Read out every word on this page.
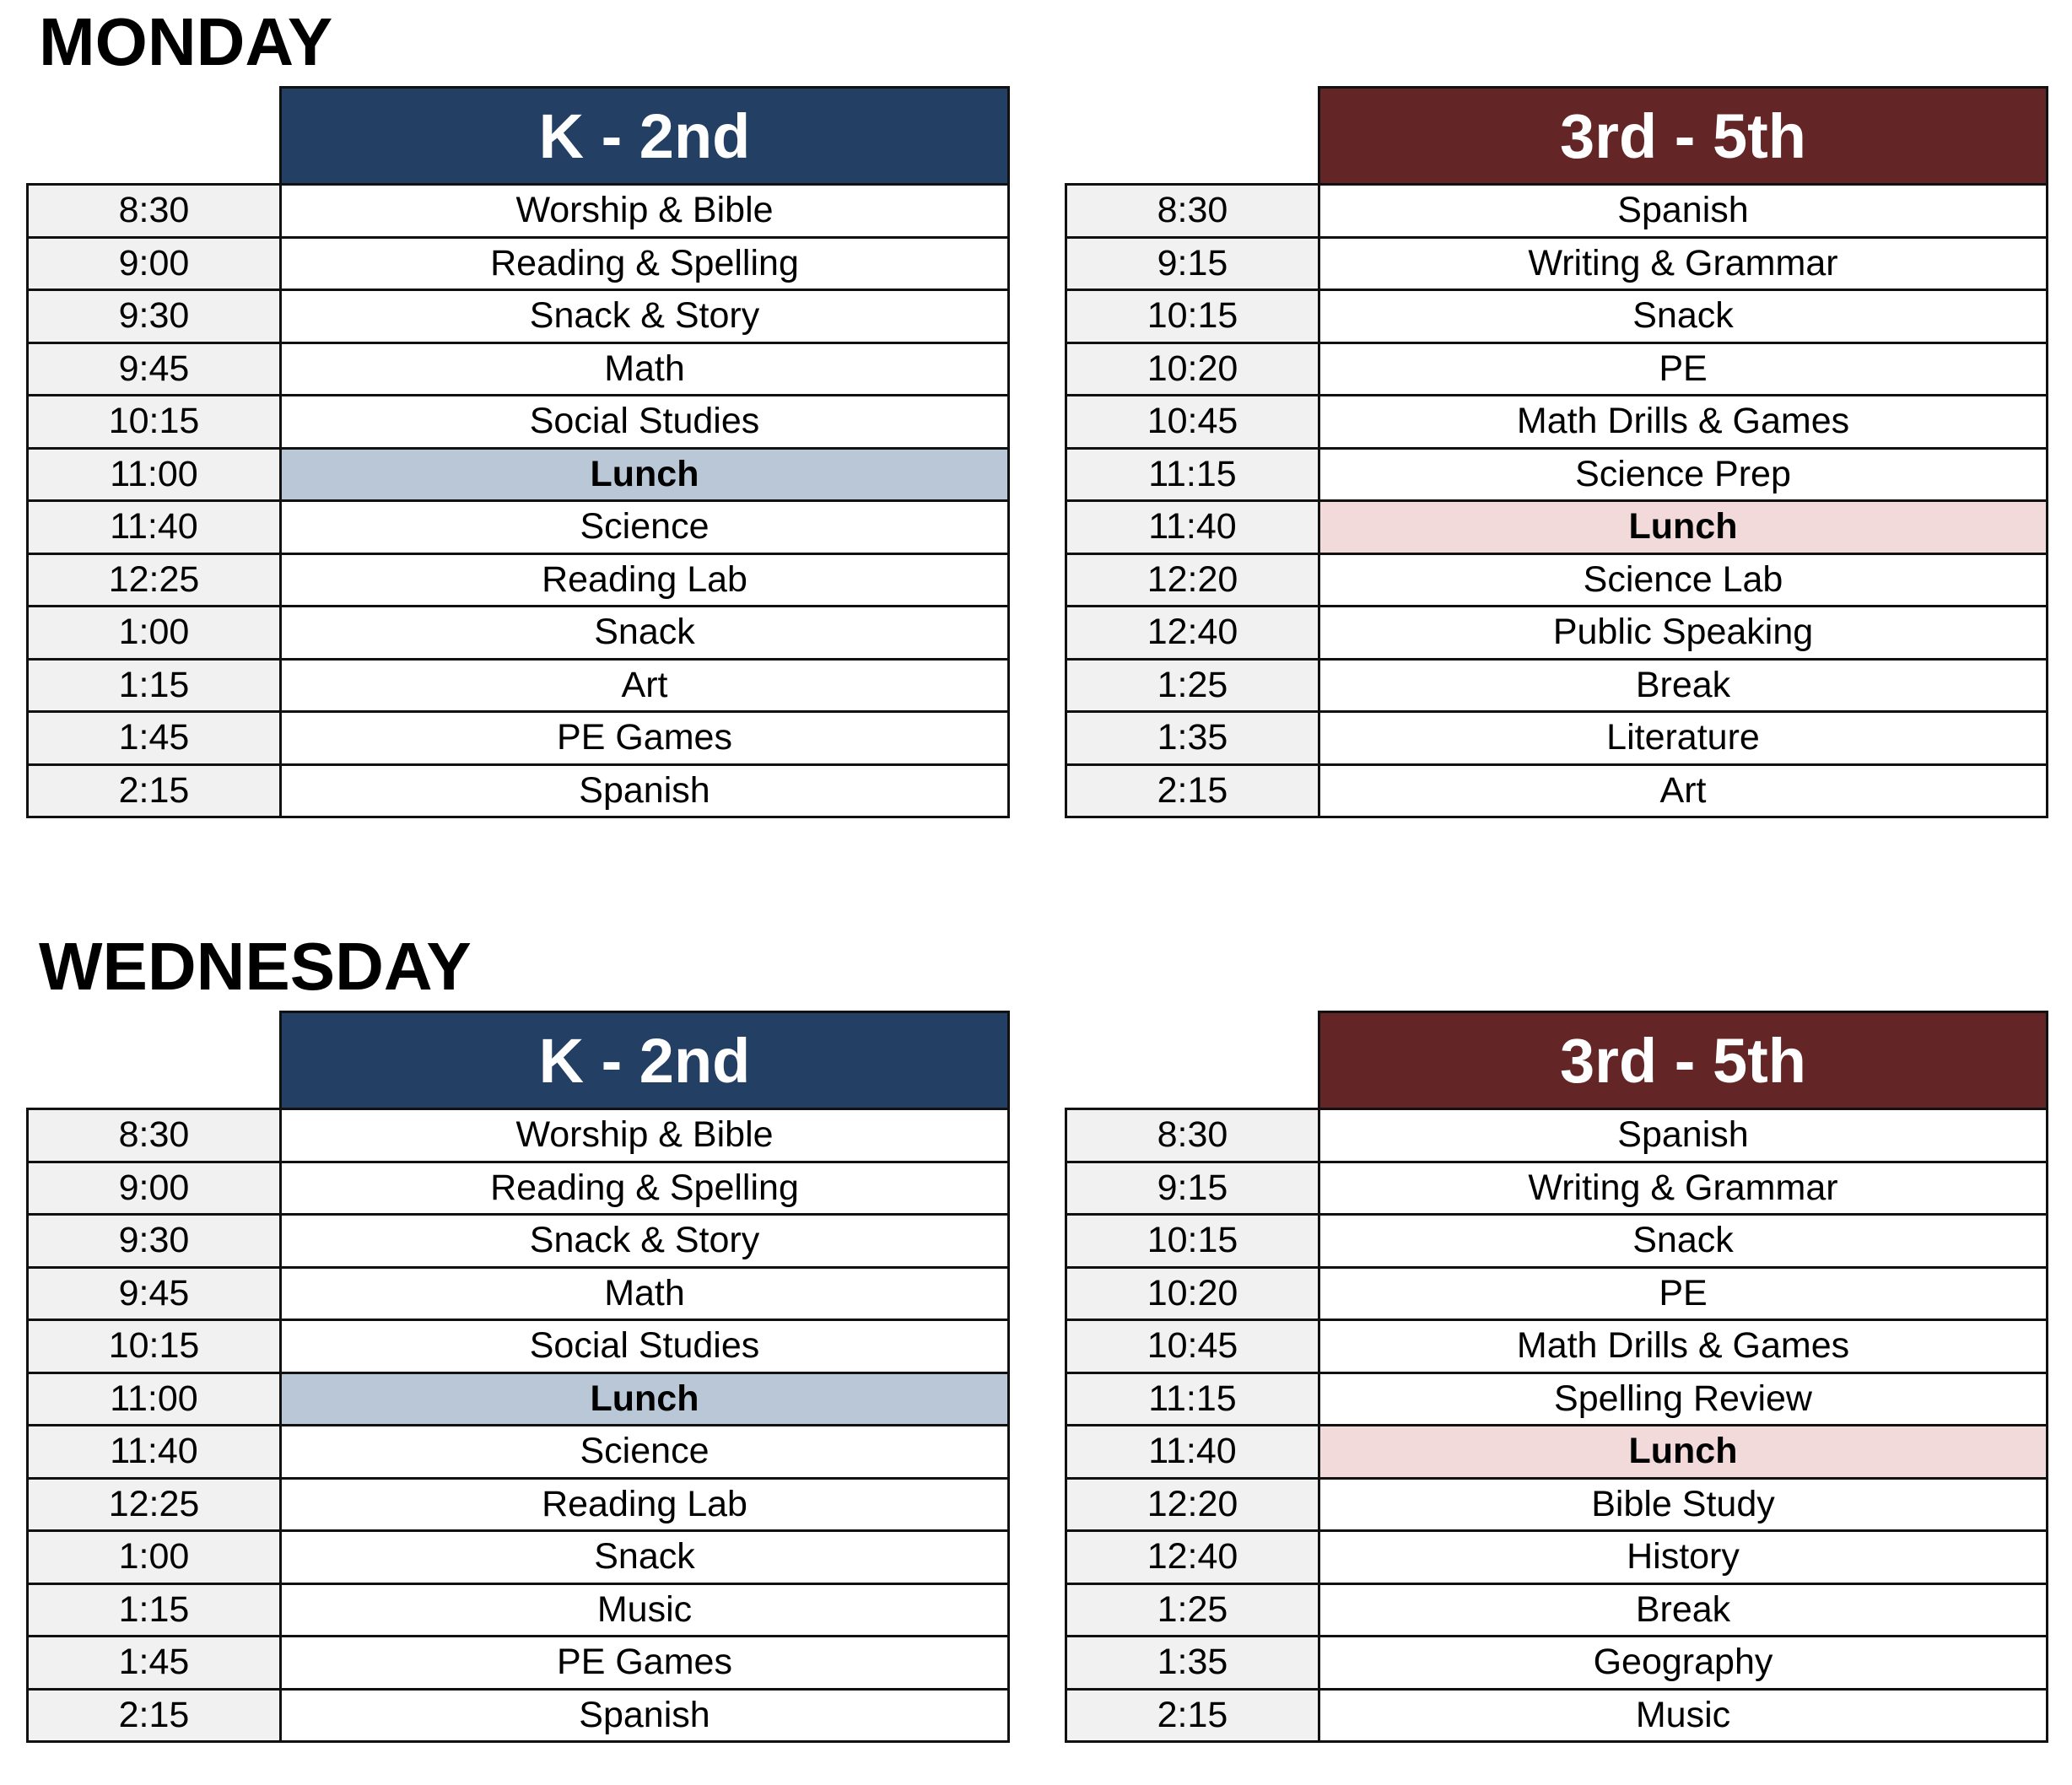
MONDAY
	K - 2nd
8:30	Worship & Bible
9:00	Reading & Spelling
9:30	Snack & Story
9:45	Math
10:15	Social Studies
11:00	Lunch
11:40	Science
12:25	Reading Lab
1:00	Snack
1:15	Art
1:45	PE Games
2:15	Spanish
	3rd - 5th
8:30	Spanish
9:15	Writing & Grammar
10:15	Snack
10:20	PE
10:45	Math Drills & Games
11:15	Science Prep
11:40	Lunch
12:20	Science Lab
12:40	Public Speaking
1:25	Break
1:35	Literature
2:15	Art
WEDNESDAY
	K - 2nd
8:30	Worship & Bible
9:00	Reading & Spelling
9:30	Snack & Story
9:45	Math
10:15	Social Studies
11:00	Lunch
11:40	Science
12:25	Reading Lab
1:00	Snack
1:15	Music
1:45	PE Games
2:15	Spanish
	3rd - 5th
8:30	Spanish
9:15	Writing & Grammar
10:15	Snack
10:20	PE
10:45	Math Drills & Games
11:15	Spelling Review
11:40	Lunch
12:20	Bible Study
12:40	History
1:25	Break
1:35	Geography
2:15	Music
